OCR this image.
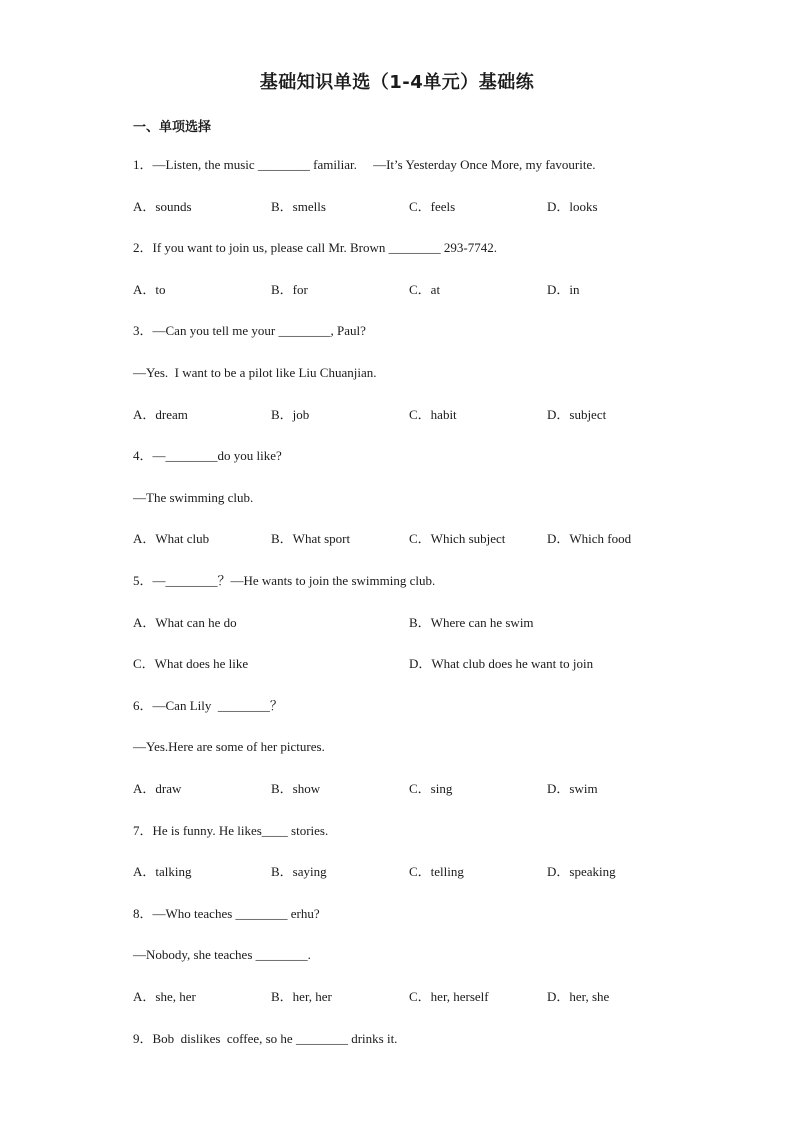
基础知识单选（1-4单元）基础练
一、单项选择
1．—Listen, the music ________ familiar.     —It’s Yesterday Once More, my favourite.
A．sounds	B．smells	C．feels	D．looks
2．If you want to join us, please call Mr. Brown ________ 293-7742.
A．to	B．for	C．at	D．in
3．—Can you tell me your ________, Paul?
—Yes.  I want to be a pilot like Liu Chuanjian.
A．dream	B．job	C．habit	D．subject
4．—________do you like?
—The swimming club.
A．What club	B．What sport	C．Which subject	D．Which food
5．—________？—He wants to join the swimming club.
A．What can he do	B．Where can he swim
C．What does he like	D．What club does he want to join
6．—Can Lily  ________？
—Yes.Here are some of her pictures.
A．draw	B．show	C．sing	D．swim
7．He is funny. He likes____ stories.
A．talking	B．saying	C．telling	D．speaking
8．—Who teaches ________ erhu?
—Nobody, she teaches ________.
A．she, her	B．her, her	C．her, herself	D．her, she
9．Bob  dislikes  coffee, so he ________ drinks it.
